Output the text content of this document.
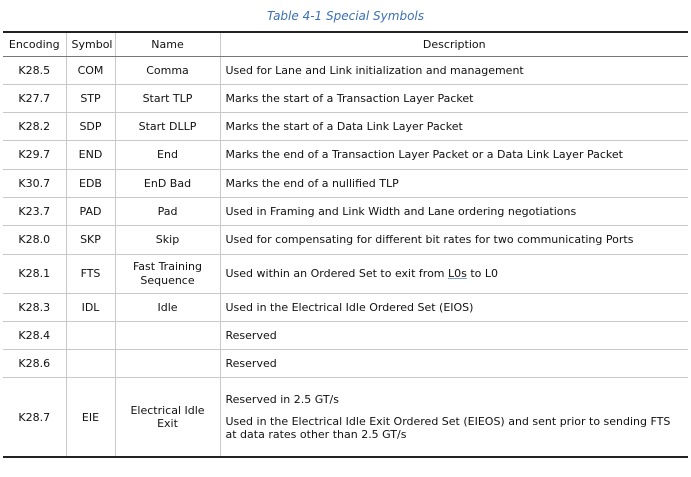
Table 4-1 Special Symbols
Encoding	Symbol	Name	Description
K28.5	COM	Comma	Used for Lane and Link initialization and management
K27.7	STP	Start TLP	Marks the start of a Transaction Layer Packet
K28.2	SDP	Start DLLP	Marks the start of a Data Link Layer Packet
K29.7	END	End	Marks the end of a Transaction Layer Packet or a Data Link Layer Packet
K30.7	EDB	EnD Bad	Marks the end of a nullified TLP
K23.7	PAD	Pad	Used in Framing and Link Width and Lane ordering negotiations
K28.0	SKP	Skip	Used for compensating for different bit rates for two communicating Ports
K28.1	FTS	Fast Training Sequence	Used within an Ordered Set to exit from L0s to L0
K28.3	IDL	Idle	Used in the Electrical Idle Ordered Set (EIOS)
K28.4			Reserved
K28.6			Reserved
K28.7	EIE	Electrical Idle Exit	Reserved in 2.5 GT/s
Used in the Electrical Idle Exit Ordered Set (EIEOS) and sent prior to sending FTS at data rates other than 2.5 GT/s
